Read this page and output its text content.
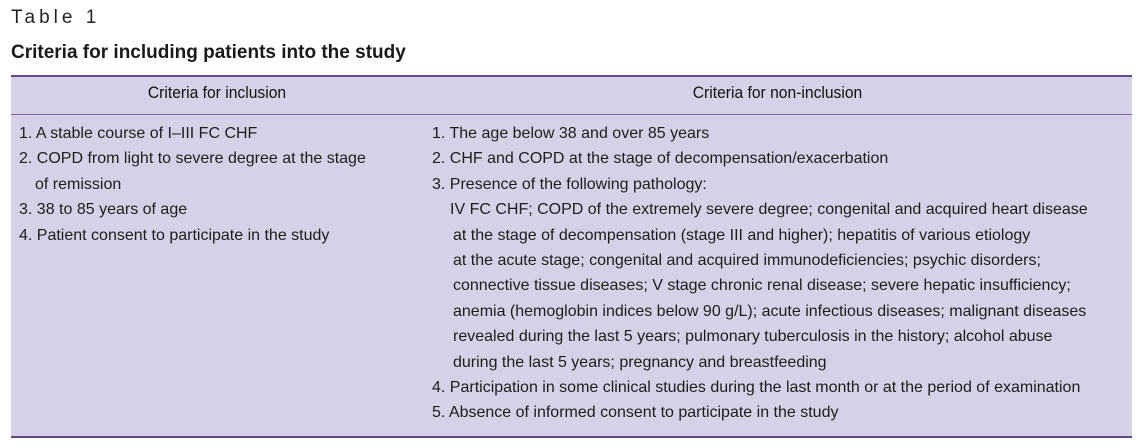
Table 1
Criteria for including patients into the study
Criteria for inclusion	Criteria for non-inclusion
1. A stable course of I–III FC CHF
2. COPD from light to severe degree at the stage
of remission
3. 38 to 85 years of age
4. Patient consent to participate in the study
1. The age below 38 and over 85 years
2. CHF and COPD at the stage of decompensation/exacerbation
3. Presence of the following pathology:
IV FC CHF; COPD of the extremely severe degree; congenital and acquired heart disease
at the stage of decompensation (stage III and higher); hepatitis of various etiology
at the acute stage; congenital and acquired immunodeficiencies; psychic disorders;
connective tissue diseases; V stage chronic renal disease; severe hepatic insufficiency;
anemia (hemoglobin indices below 90 g/L); acute infectious diseases; malignant diseases
revealed during the last 5 years; pulmonary tuberculosis in the history; alcohol abuse
during the last 5 years; pregnancy and breastfeeding
4. Participation in some clinical studies during the last month or at the period of examination
5. Absence of informed consent to participate in the study
